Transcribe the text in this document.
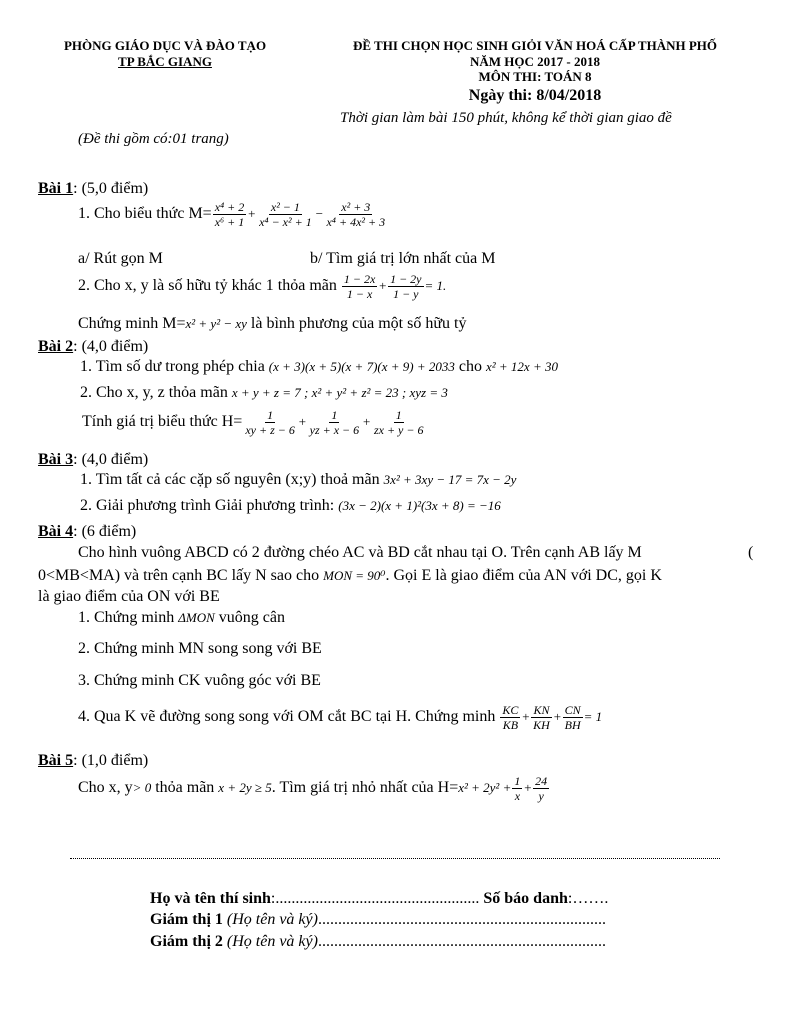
PHÒNG GIÁO DỤC VÀ ĐÀO TẠO
TP BẮC GIANG
ĐỀ THI CHỌN HỌC SINH GIỎI VĂN HOÁ CẤP THÀNH PHỐ
NĂM HỌC 2017 - 2018
MÔN THI: TOÁN 8
Ngày thi: 8/04/2018
Thời gian làm bài 150 phút, không kể thời gian giao đề
(Đề thi gồm có:01 trang)
Bài 1: (5,0 điểm)
1. Cho biểu thức $M= \frac{\text{x⁴ + 2}}{\text{x⁶ + 1}} + \frac{\text{x² − 1}}{\text{x⁴ − x² + 1}} - \frac{\text{x² + 3}}{\text{x⁴ + 4x² + 3}}$
a/ Rút gọn M	b/ Tìm giá trị lớn nhất của M
2. Cho x, y là số hữu tỷ khác 1 thỏa mãn $\frac{1 - 2x}{1 - x} + \frac{1 - 2y}{1 - y} = 1$.
Chứng minh M=x² + y² − xy là bình phương của một số hữu tỷ
Bài 2: (4,0 điểm)
1. Tìm số dư trong phép chia (x + 3)(x + 5)(x + 7)(x + 9) + 2033 cho x² + 12x + 30
2. Cho x, y, z thỏa mãn x + y + z = 7 ; x² + y² + z² = 23 ; xyz = 3
Tính giá trị biểu thức $H= \frac{1}{xy + z - 6} + \frac{1}{yz + x - 6} + \frac{1}{zx + y - 6}$
Bài 3: (4,0 điểm)
1. Tìm tất cả các cặp số nguyên (x;y) thoả mãn 3x² + 3xy − 17 = 7x − 2y
2. Giải phương trình Giải phương trình: (3x − 2)(x + 1)²(3x + 8) = −16
Bài 4: (6 điểm)
Cho hình vuông ABCD có 2 đường chéo AC và BD cắt nhau tại O. Trên cạnh AB lấy M	(
0<MB<MA) và trên cạnh BC lấy N sao cho MON = 90⁰. Gọi E là giao điểm của AN với DC, gọi K
là giao điểm của ON với BE
1. Chứng minh ΔMON vuông cân
2. Chứng minh MN song song với BE
3. Chứng minh CK vuông góc với BE
4. Qua K vẽ đường song song với OM cắt BC tại H. Chứng minh $\frac{KC}{KB} + \frac{KN}{KH} + \frac{CN}{BH} = 1$
Bài 5: (1,0 điểm)
Cho x, y> 0 thỏa mãn x + 2y ≥ 5. Tìm giá trị nhỏ nhất của $H=x^2 + 2y^2 + \frac{1}{x} + \frac{24}{y}$
Họ và tên thí sinh:................................................... Số báo danh:…….
Giám thị 1 (Họ tên và ký)........................................................................
Giám thị 2 (Họ tên và ký)........................................................................
